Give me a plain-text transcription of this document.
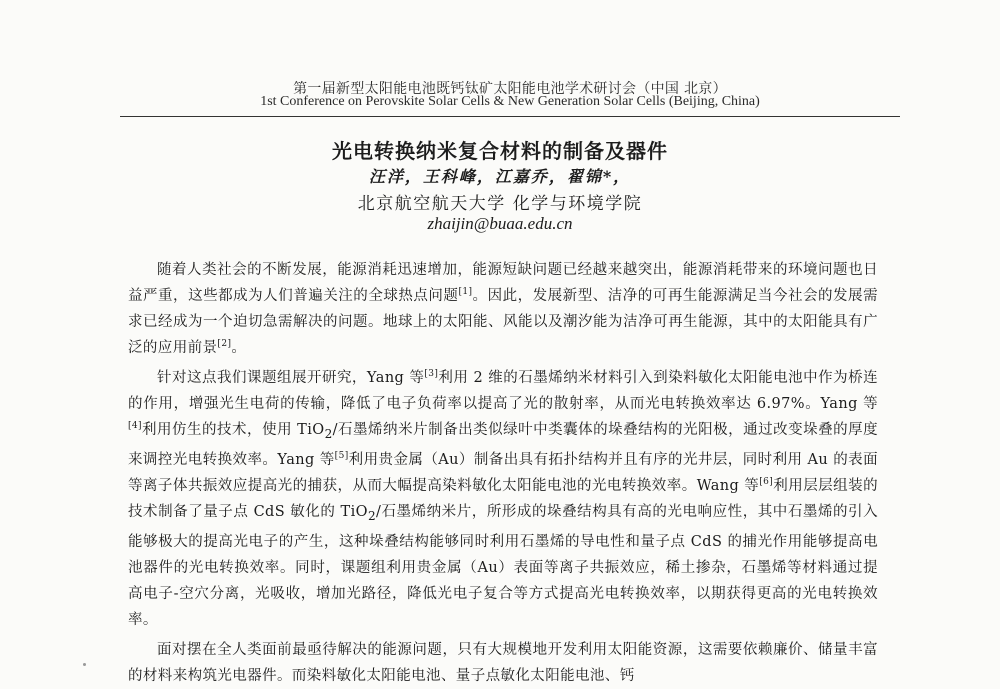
第一届新型太阳能电池既钙钛矿太阳能电池学术研讨会（中国 北京）
1st Conference on Perovskite Solar Cells & New Generation Solar Cells (Beijing, China)
光电转换纳米复合材料的制备及器件
汪洋，王科峰，江嘉乔，翟锦*，
北京航空航天大学 化学与环境学院
zhaijin@buaa.edu.cn

随着人类社会的不断发展，能源消耗迅速增加，能源短缺问题已经越来越突出，能源消耗带来的环境问题也日益严重，这些都成为人们普遍关注的全球热点问题[1]。因此，发展新型、洁净的可再生能源满足当今社会的发展需求已经成为一个迫切急需解决的问题。地球上的太阳能、风能以及潮汐能为洁净可再生能源，其中的太阳能具有广泛的应用前景[2]。

针对这点我们课题组展开研究，Yang 等[3]利用 2 维的石墨烯纳米材料引入到染料敏化太阳能电池中作为桥连的作用，增强光生电荷的传输，降低了电子负荷率以提高了光的散射率，从而光电转换效率达 6.97%。Yang 等[4]利用仿生的技术，使用 TiO$_2$/石墨烯纳米片制备出类似绿叶中类囊体的垛叠结构的光阳极，通过改变垛叠的厚度来调控光电转换效率。Yang 等[5]利用贵金属（Au）制备出具有拓扑结构并且有序的光井层，同时利用 Au 的表面等离子体共振效应提高光的捕获，从而大幅提高染料敏化太阳能电池的光电转换效率。Wang 等[6]利用层层组装的技术制备了量子点 CdS 敏化的 TiO$_2$/石墨烯纳米片，所形成的垛叠结构具有高的光电响应性，其中石墨烯的引入能够极大的提高光电子的产生，这种垛叠结构能够同时利用石墨烯的导电性和量子点 CdS 的捕光作用能够提高电池器件的光电转换效率。同时，课题组利用贵金属（Au）表面等离子共振效应，稀土掺杂，石墨烯等材料通过提高电子-空穴分离，光吸收，增加光路径，降低光电子复合等方式提高光电转换效率，以期获得更高的光电转换效率。

面对摆在全人类面前最亟待解决的能源问题，只有大规模地开发利用太阳能资源，这需要依赖廉价、储量丰富的材料来构筑光电器件。而染料敏化太阳能电池、量子点敏化太阳能电池、钙
